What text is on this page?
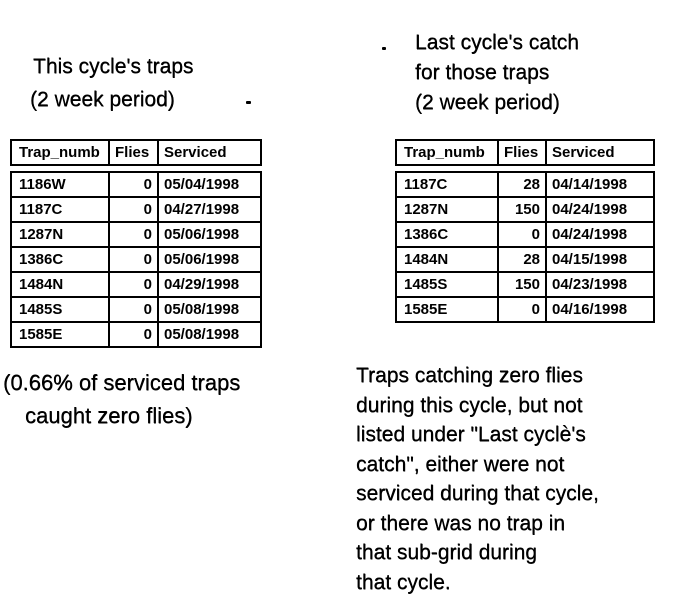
This cycle's traps
(2 week period)
Last cycle's catch
for those traps
(2 week period)
Trap_numb	Flies Serviced
1186W	0 05/04/1998
1187C	0 04/27/1998
1287N	0 05/06/1998
1386C	0 05/06/1998
1484N	0 04/29/1998
1485S	0 05/08/1998
1585E	0 05/08/1998
Trap_numb	Flies Serviced
1187C	28 04/14/1998
1287N	150 04/24/1998
1386C	0 04/24/1998
1484N	28 04/15/1998
1485S	150 04/23/1998
1585E	0 04/16/1998
(0.66% of serviced traps
caught zero flies)
Traps catching zero flies
during this cycle, but not
listed under "Last cyclè's
catch", either were not
serviced during that cycle,
or there was no trap in
that sub-grid during
that cycle.
